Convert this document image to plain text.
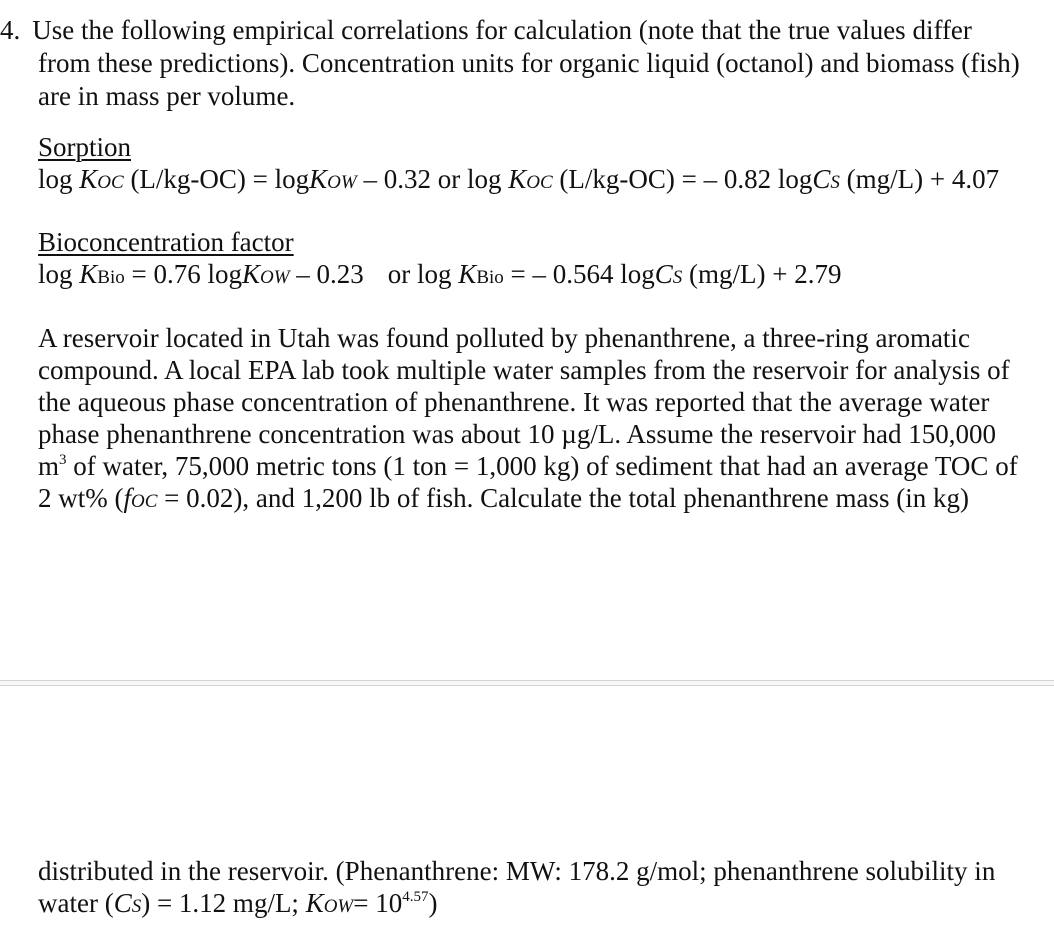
4. Use the following empirical correlations for calculation (note that the true values differ
from these predictions). Concentration units for organic liquid (octanol) and biomass (fish)
are in mass per volume.
Sorption
log KOC (L/kg-OC) = logKOW – 0.32 or log KOC (L/kg-OC) = – 0.82 logCS (mg/L) + 4.07
Bioconcentration factor
log KBio = 0.76 logKOW – 0.23 or log KBio = – 0.564 logCS (mg/L) + 2.79
A reservoir located in Utah was found polluted by phenanthrene, a three-ring aromatic
compound. A local EPA lab took multiple water samples from the reservoir for analysis of
the aqueous phase concentration of phenanthrene. It was reported that the average water
phase phenanthrene concentration was about 10 µg/L. Assume the reservoir had 150,000
$m^3$ of water, 75,000 metric tons (1 ton = 1,000 kg) of sediment that had an average TOC of
2 wt% (fOC = 0.02), and 1,200 lb of fish. Calculate the total phenanthrene mass (in kg)
distributed in the reservoir. (Phenanthrene: MW: 178.2 g/mol; phenanthrene solubility in
water (CS) = 1.12 mg/L; $KOW= 10^{4.57}$)
